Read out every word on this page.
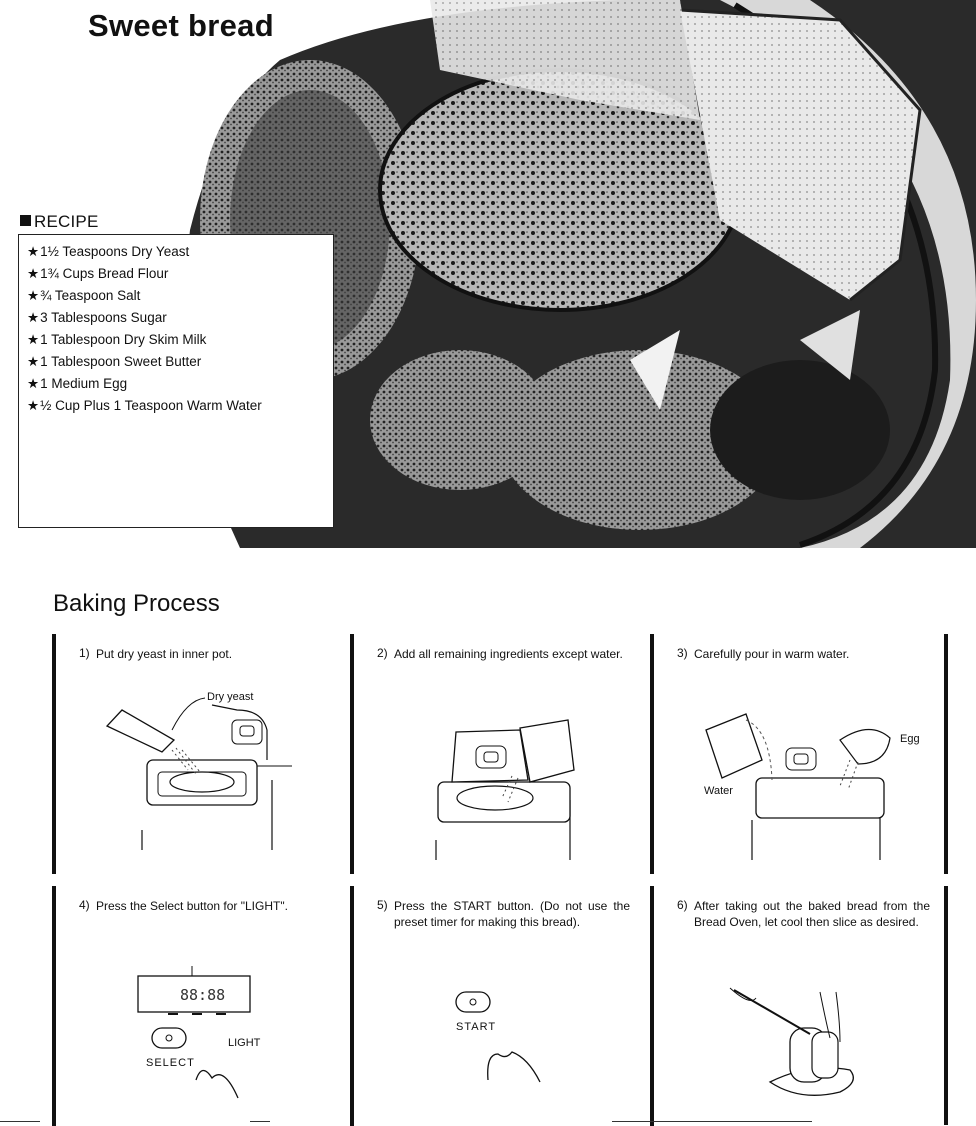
Sweet bread
RECIPE
★1½ Teaspoons Dry Yeast
★1¾ Cups Bread Flour
★¾ Teaspoon Salt
★3 Tablespoons Sugar
★1 Tablespoon Dry Skim Milk
★1 Tablespoon Sweet Butter
★1 Medium Egg
★½ Cup Plus 1 Teaspoon Warm Water
Baking Process
1) Put dry yeast in inner pot.
Dry yeast
2) Add all remaining ingredients except water.	3) Carefully pour in warm water.
Egg
Water
4) Press the Select button for "LIGHT".
88:88
SELECT
LIGHT
5) Press the START button. (Do not use the preset timer for making this bread).
START
6) After taking out the baked bread from the Bread Oven, let cool then slice as desired.
